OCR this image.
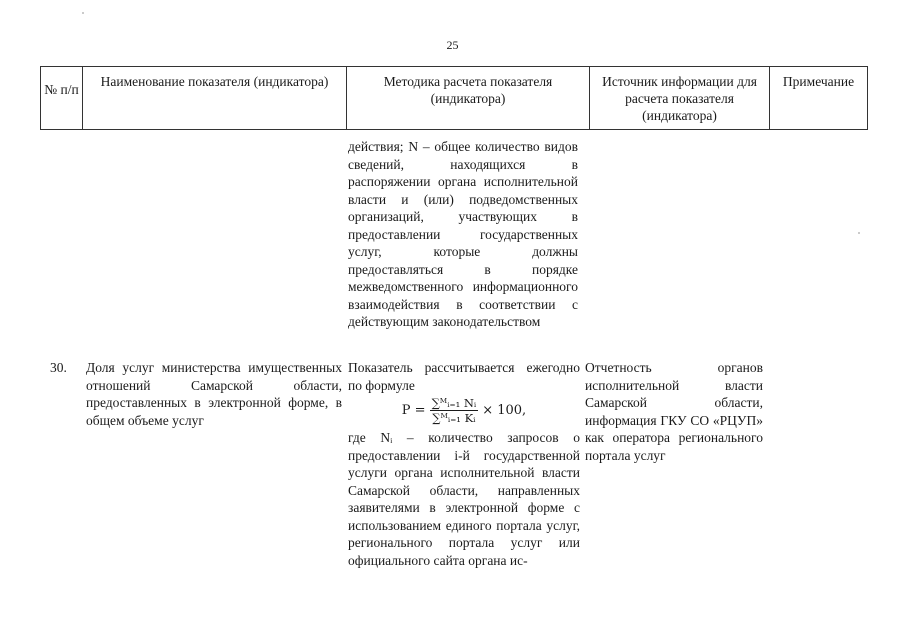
25
№ п/п
Наименование показателя (индикатора)	Методика расчета показателя (индикатора)
Источник информации для расчета показателя (индикатора)
Примечание

действия; N – общее количество видов сведений, находящихся в распоряжении органа исполнительной власти и (или) подведомственных организаций, участвующих в предоставлении государственных услуг, которые должны предоставляться в порядке межведомственного информационного взаимодействия в соответствии с действующим законодательством

30. Доля услуг министерства имущественных отношений Самарской области, предоставленных в электронной форме, в общем объеме услуг

Показатель рассчитывается ежегодно по формуле

$P = \frac{\text{∑ᴹᵢ₌₁ Nᵢ}}{\text{∑ᴹᵢ₌₁ Kᵢ}} \times 100$,

где Nᵢ – количество запросов о предоставлении i-й государственной услуги органа исполнительной власти Самарской области, направленных заявителями в электронной форме с использованием единого портала услуг, регионального портала услуг или официального сайта органа ис-

Отчетность органов исполнительной власти Самарской области, информация ГКУ СО «РЦУП» как оператора регионального портала услуг
